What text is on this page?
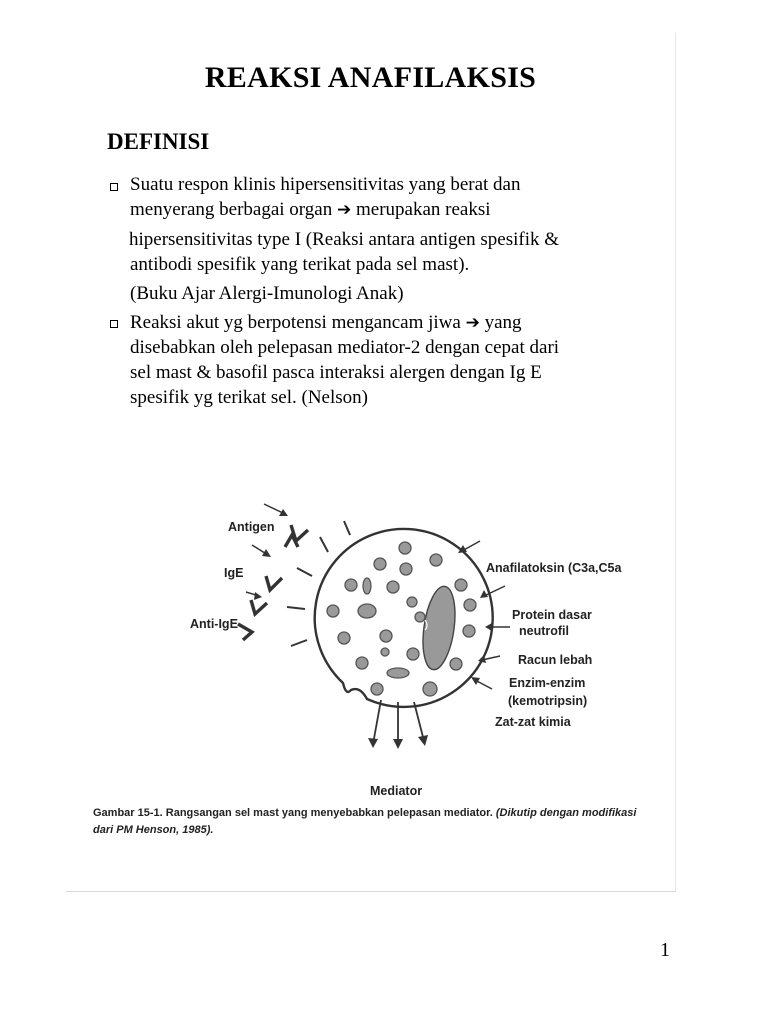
REAKSI ANAFILAKSIS
DEFINISI
Suatu respon klinis hipersensitivitas yang berat dan
menyerang berbagai organ ➔ merupakan reaksi
hipersensitivitas type I (Reaksi antara antigen spesifik &
antibodi spesifik yang terikat pada sel mast).
(Buku Ajar Alergi-Imunologi Anak)
Reaksi akut yg berpotensi mengancam jiwa ➔ yang
disebabkan oleh pelepasan mediator-2 dengan cepat dari
sel mast & basofil pasca interaksi alergen dengan Ig E
spesifik yg terikat sel. (Nelson)
Antigen
IgE
Anti-IgE
Anafilatoksin (C3a,C5a
Protein dasar
neutrofil
Racun lebah
Enzim-enzim
(kemotripsin)
Zat-zat kimia
Mediator
Gambar 15-1. Rangsangan sel mast yang menyebabkan pelepasan mediator. (Dikutip dengan modifikasi
dari PM Henson, 1985).
1
